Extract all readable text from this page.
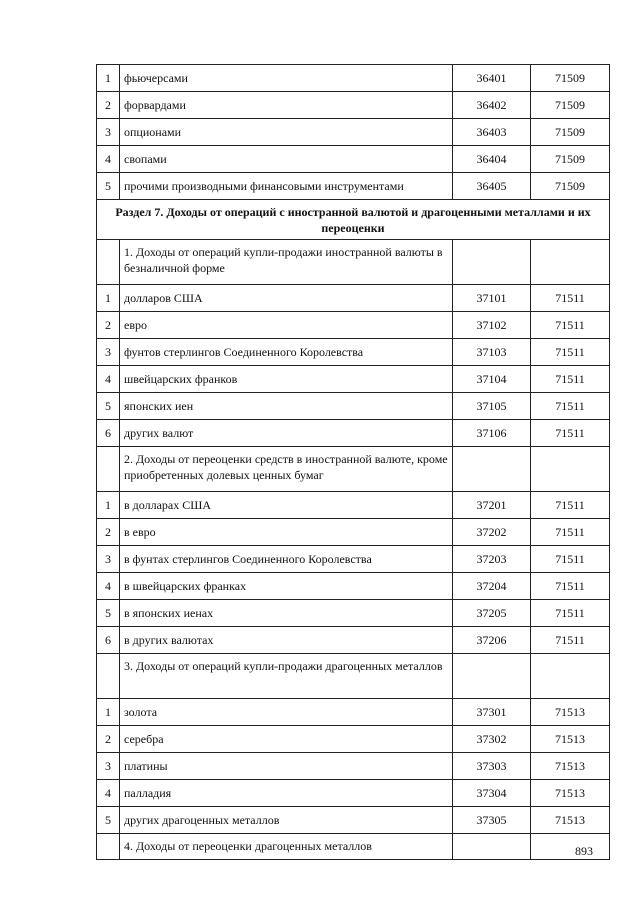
1	фьючерсами	36401	71509
2	форвардами	36402	71509
3	опционами	36403	71509
4	свопами	36404	71509
5	прочими производными финансовыми инструментами	36405	71509
Раздел 7. Доходы от операций с иностранной валютой и драгоценными металлами и их переоценки			
	1. Доходы от операций купли-продажи иностранной валюты в безналичной форме		
1	долларов США	37101	71511
2	евро	37102	71511
3	фунтов стерлингов Соединенного Королевства	37103	71511
4	швейцарских франков	37104	71511
5	японских иен	37105	71511
6	других валют	37106	71511
	2. Доходы от переоценки средств в иностранной валюте, кроме приобретенных долевых ценных бумаг		
1	в долларах США	37201	71511
2	в евро	37202	71511
3	в фунтах стерлингов Соединенного Королевства	37203	71511
4	в швейцарских франках	37204	71511
5	в японских иенах	37205	71511
6	в других валютах	37206	71511
	3. Доходы от операций купли-продажи драгоценных металлов		
1	золота	37301	71513
2	серебра	37302	71513
3	платины	37303	71513
4	палладия	37304	71513
5	других драгоценных металлов	37305	71513
	4. Доходы от переоценки драгоценных металлов			893
